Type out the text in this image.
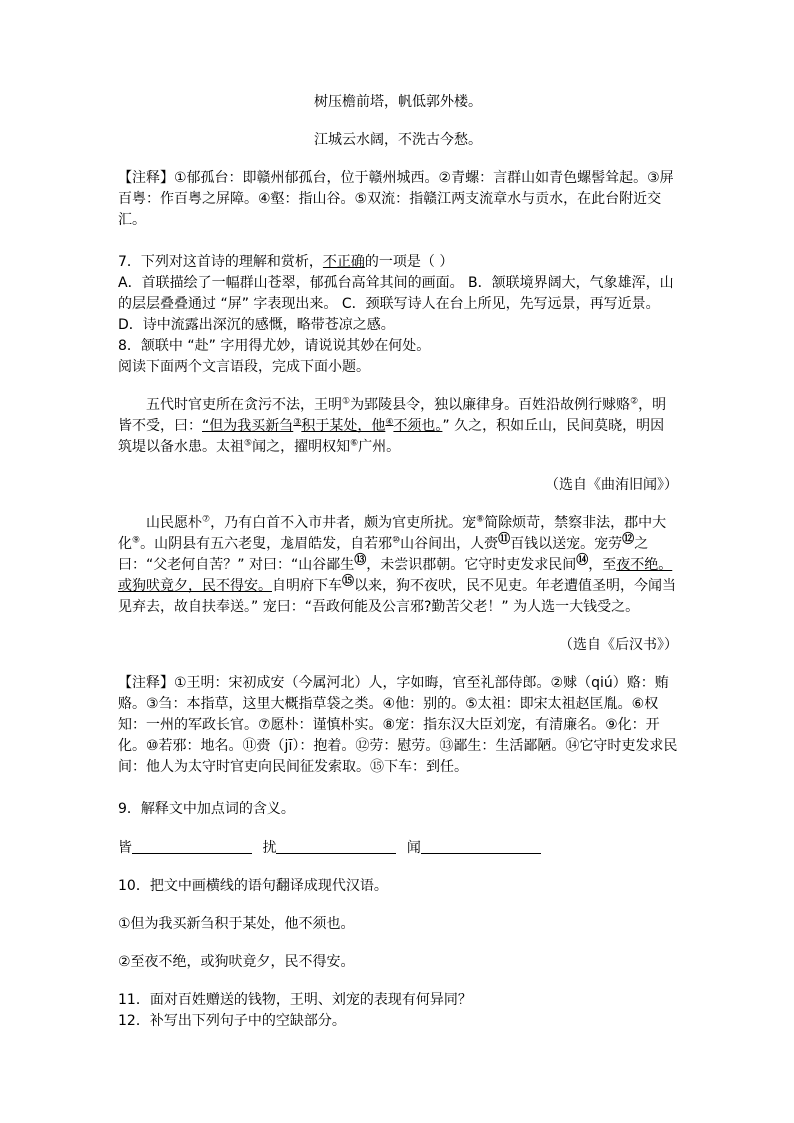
树压檐前塔，帆低郭外楼。

江城云水阔，不洗古今愁。

【注释】①郁孤台：即赣州郁孤台，位于赣州城西。②青螺：言群山如青色螺髻耸起。③屏百粤：作百粤之屏障。④壑：指山谷。⑤双流：指赣江两支流章水与贡水，在此台附近交汇。

7．下列对这首诗的理解和赏析，不正确的一项是（ ）

A．首联描绘了一幅群山苍翠，郁孤台高耸其间的画面。 B．颔联境界阔大，气象雄浑，山的层层叠叠通过 “屏” 字表现出来。 C．颈联写诗人在台上所见，先写远景，再写近景。 D．诗中流露出深沉的感慨，略带苍凉之感。

8．颔联中 “赴” 字用得尤妙，请说说其妙在何处。

阅读下面两个文言语段，完成下面小题。

五代时官吏所在贪污不法，王明①为郢陵县令，独以廉律身。百姓沿故例行赇赂②，明皆不受，曰：“但为我买新刍③积于某处，他④不须也。” 久之，积如丘山，民间莫晓，明因筑堤以备水患。太祖⑤闻之，擢明权知⑥广州。

（选自《曲洧旧闻》）

山民愿朴⑦，乃有白首不入市井者，颇为官吏所扰。宠⑧简除烦苛，禁察非法，郡中大化⑨。山阴县有五六老叟，尨眉皓发，自若邪⑩山谷间出，人赍⑪百钱以送宠。宠劳⑫之曰：“父老何自苦？” 对曰：“山谷鄙生⑬，未尝识郡朝。它守时吏发求民间⑭，至夜不绝。或狗吠竟夕，民不得安。自明府下车⑮以来，狗不夜吠，民不见吏。年老遭值圣明，今闻当见弃去，故自扶奉送。” 宠曰：“吾政何能及公言邪?勤苦父老！” 为人选一大钱受之。

（选自《后汉书》）

【注释】①王明：宋初成安（今属河北）人，字如晦，官至礼部侍郎。②赇（qiú）赂：贿赂。③刍：本指草，这里大概指草袋之类。④他：别的。⑤太祖：即宋太祖赵匡胤。⑥权知：一州的军政长官。⑦愿朴：谨慎朴实。⑧宠：指东汉大臣刘宠，有清廉名。⑨化：开化。⑩若邪：地名。⑪赍（jī）：抱着。⑫劳：慰劳。⑬鄙生：生活鄙陋。⑭它守时吏发求民间：他人为太守时官吏向民间征发索取。⑮下车：到任。

9．解释文中加点词的含义。

皆	扰	闻

10．把文中画横线的语句翻译成现代汉语。

①但为我买新刍积于某处，他不须也。

②至夜不绝，或狗吠竟夕，民不得安。

11．面对百姓赠送的钱物，王明、刘宠的表现有何异同？

12．补写出下列句子中的空缺部分。
